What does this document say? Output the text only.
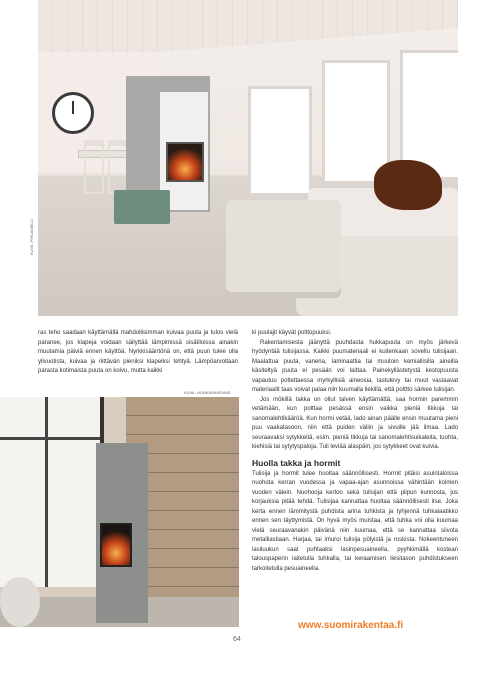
KUVA: PIHLAMELLI

ras teho saadaan käyttämällä mahdollisimman kuivaa puuta ja tulos vielä paranee, jos klapeja voidaan säilyttää lämpimissä sisätiloissa ainakin muutamia päiviä ennen käyttöä. Nyrkkisääntönä on, että puun tulee olla ylivuotista, kuivaa ja riittävän pieniksi klapeiksi tehtyä. Lämpöarvoltaan parasta kotimaista puuta on koivu, mutta kaikki

KUVA: HONKARAKENNE

ki puulajit käyvät polttopuuksi.

Rakentamisesta jäänyttä puuhdasta hukkapuuta on myös järkevä hyödyntää tulisijassa. Kaikki puumateriaali ei kuitenkaan sovellu tulisijaan. Maalattua puuta, vaneria, laminaattia tai muutoin kemiallisilla aineilla käsiteltyä puuta ei pesään voi laittaa. Painekyllästetystä kestopuusta vapautuu poltettaessa myrkyllisiä aineosia, lastulevy tai muut vastaavat materiaalit taas voivat palaa niin kuumalla liekillä, että polttto särkee tulisijan.

Jos mökillä takka on ollut talven käyttämättä, saa hormin paremmin vetämään, kun polttaa pesässä ensin vaikka pieniä tikkuja tai sanomalehtikääröä. Kun hormi vetää, lado ainan päälle ensin muutama pieni puu vaakatasoon, niin että puiden väliin ja sivuille jää ilmaa. Lado seuraavaksi sytykkeitä, esim. pieniä tikkuja tai sanomalehtisuikaleita, tuohta, kiehisiä tai sytytyspaloja. Tuli leviää alaspäin, jos sytykkeet ovat kuivia.

Huolla takka ja hormit

Tulisija ja hormit tulee huoltaa säännöllisesti. Hormit pitäisi asuintaloissa nuohota kerran vuodessa ja vapaa-ajan asunnoissa vähintään kolmen vuoden välein. Nuohooja kertoo sekä tulisijan että piipun kunnosta, jos korjauksia pitää tehdä. Tulisijaa kannattaa huoltaa säännöllisesti itse. Joka kerta ennen lämmitystä puhdista arina tuhkista ja tyhjennä tuhkalaatikko ennen sen täyttymistä. On hyvä myös muistaa, että tuhka voi olla kuumaa vielä seuraavanakin päivänä niin kuumaa, että se kannattaa siivota metalliastiaan. Harjaa, tai imuroi tulisija pölyistä ja roskista. Nokeentuneen lasiluukun saat puhtaaksi lasinpesuaineella, pyyhkimällä kostean talouspaperin laitetulla tuhkalla, tai keraamisen liesitason puhdistukseen tarkoitetulla pesuaineella.

www.suomirakentaa.fi
64
